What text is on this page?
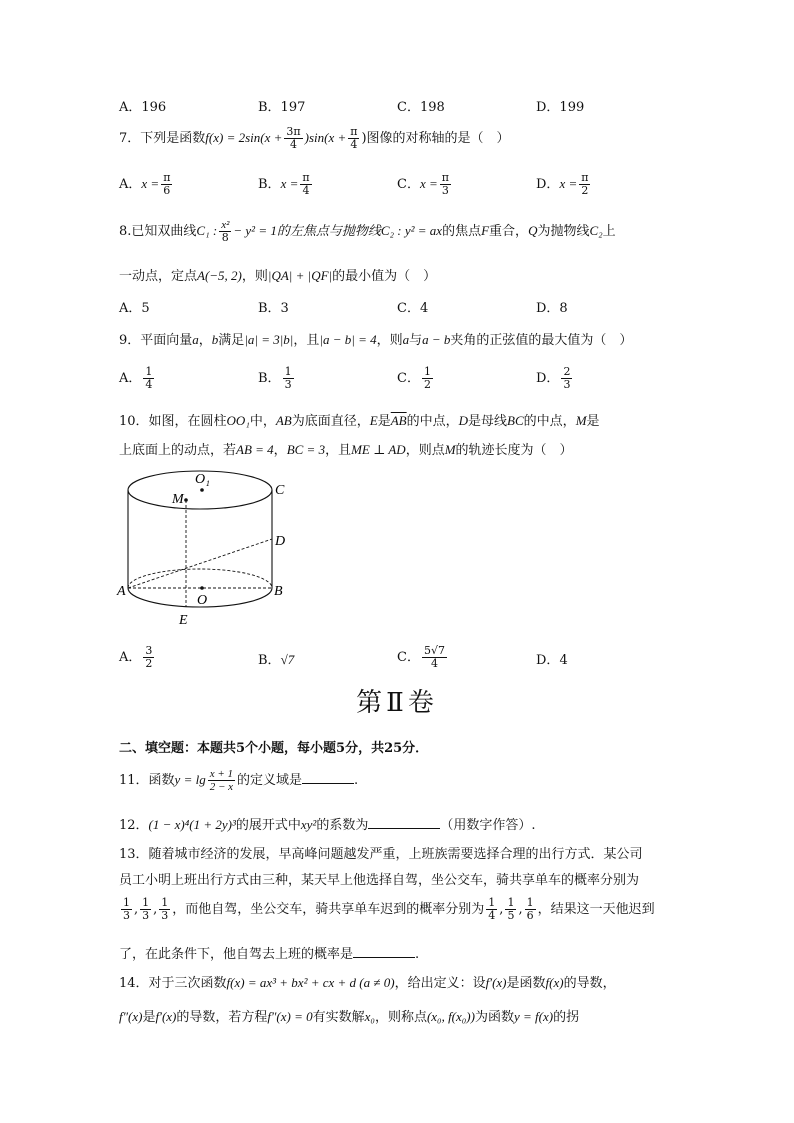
A．196	B．197	C．198	D．199
7．下列是函数$f(x) = 2\sin(x + \frac{3\pi}{4} )\sin(x + \frac{\pi}{4}$ )图像的对称轴的是（　）
A．$x = \frac{\pi}{6}$	B．$x = \frac{\pi}{4}$	C．$x = \frac{\pi}{3}$	D．$x = \frac{\pi}{2}$
8.已知双曲线C₁ : $\frac{\text{x²}}{8} - y^2 = 1$的左焦点与抛物线C₂ : y² = ax的焦点F重合，Q为抛物线C₂上
一动点，定点A(−5, 2)，则|QA| + |QF|的最小值为（　）
A．5	B．3	C．4	D．8
9．平面向量a，b满足|a| = 3|b|，且|a − b| = 4，则a与a − b夹角的正弦值的最大值为（　）
A． $\frac{1}{4}$	B． $\frac{1}{3}$	C． $\frac{1}{2}$	D． $\frac{2}{3}$
10．如图，在圆柱OO₁中，AB为底面直径，E是$\overline{AB}$的中点，D是母线BC的中点，M是
上底面上的动点，若AB = 4，BC = 3，且ME ⊥ AD，则点M的轨迹长度为（　）
O₁
M
C
D
A
O
B
E
A． $\frac{3}{2}$	B．√7	C． $\frac{5√7}{4}$	D．4
第Ⅱ卷
二、填空题：本题共5个小题，每小题5分，共25分．
11．函数$y = \lg \frac{x + 1}{2 - x}$ 的定义域是	.
12．(1 − x)⁴(1 + 2y)³的展开式中xy²的系数为	（用数字作答）.
13．随着城市经济的发展，早高峰问题越发严重，上班族需要选择合理的出行方式．某公司
员工小明上班出行方式由三种，某天早上他选择自驾，坐公交车，骑共享单车的概率分别为
$\frac{1}{3}$ , $\frac{1}{3}$ , $\frac{1}{3}$ ，而他自驾，坐公交车，骑共享单车迟到的概率分别为 $\frac{1}{4}$ , $\frac{1}{5}$ , $\frac{1}{6}$ ，结果这一天他迟到
了，在此条件下，他自驾去上班的概率是	.
14．对于三次函数f(x) = ax³ + bx² + cx + d (a ≠ 0)，给出定义：设f′(x)是函数f(x)的导数，
f″(x)是f′(x)的导数，若方程f″(x) = 0有实数解x₀，则称点(x₀, f(x₀))为函数y = f(x)的拐
